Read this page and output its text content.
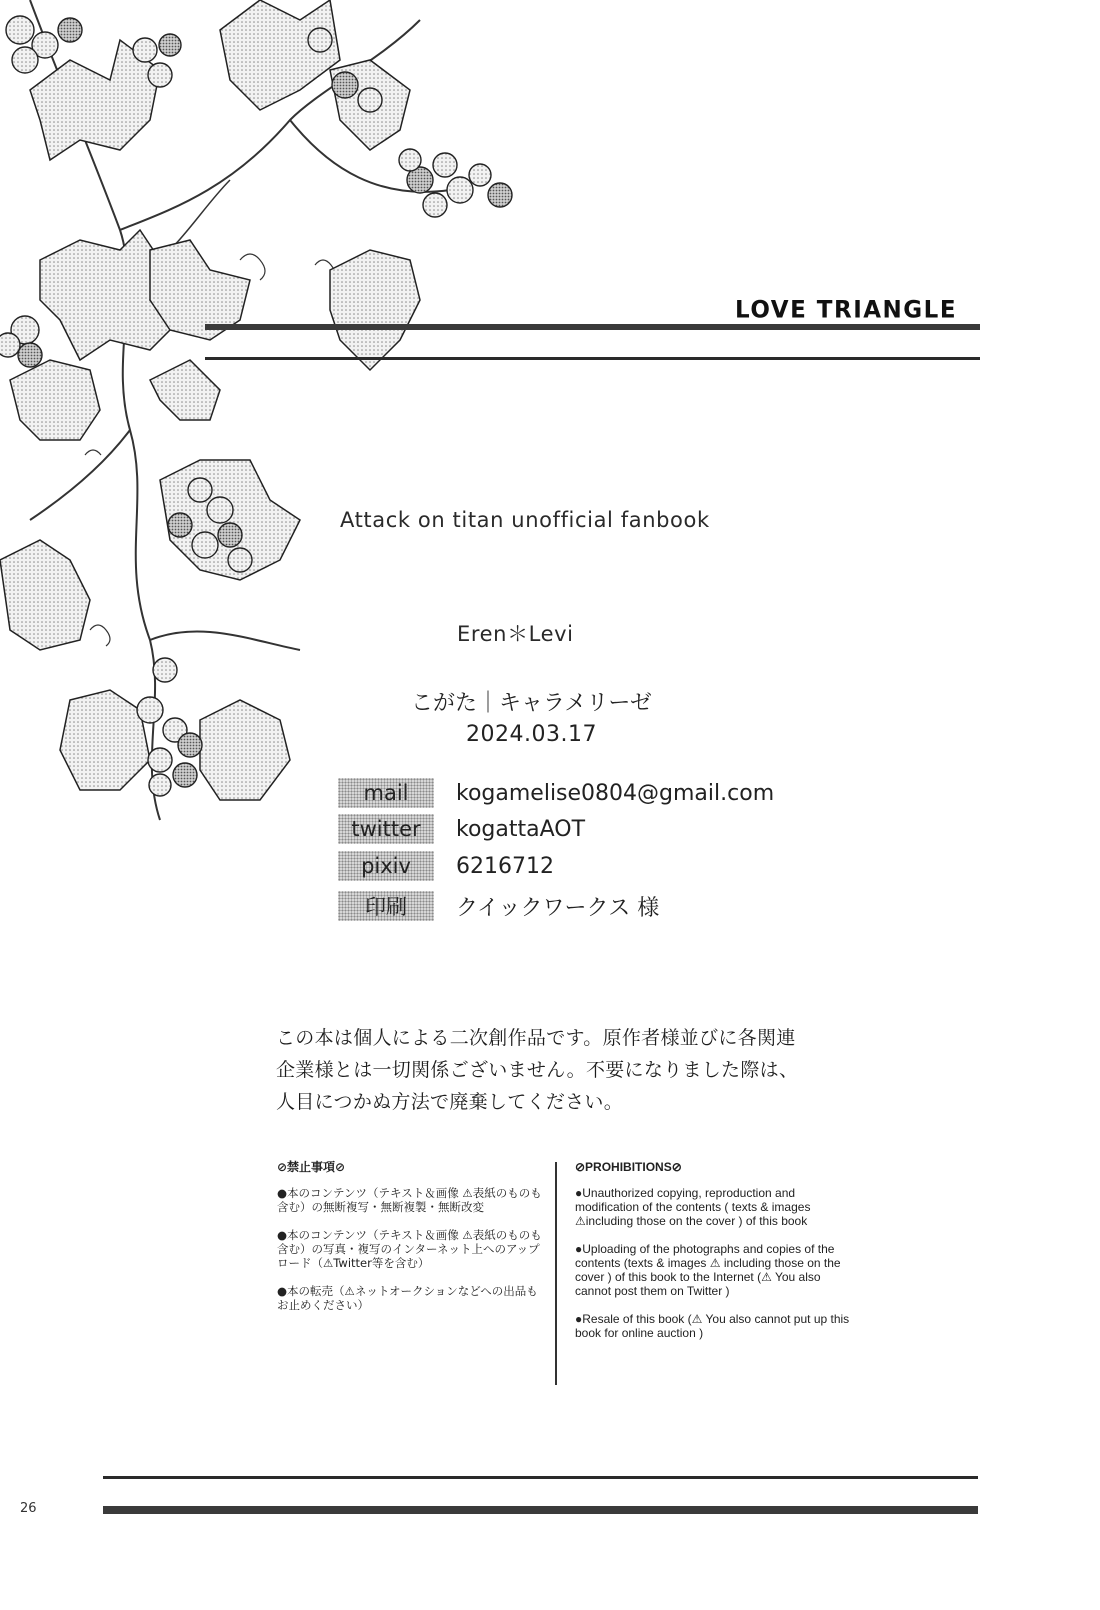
LOVE TRIANGLE
Attack on titan unofficial fanbook
Eren＊Levi
こがた｜キャラメリーゼ
2024.03.17
mail	kogamelise0804@gmail.com
twitter	kogattaAOT
pixiv	6216712
印刷	クイックワークス 様
この本は個人による二次創作品です。原作者様並びに各関連
企業様とは一切関係ございません。不要になりました際は、
人目につかぬ方法で廃棄してください。
⊘禁止事項⊘
●本のコンテンツ（テキスト＆画像 ⚠表紙のものも含む）の無断複写・無断複製・無断改変
●本のコンテンツ（テキスト＆画像 ⚠表紙のものも含む）の写真・複写のインターネット上へのアップロード（⚠Twitter等を含む）
●本の転売（⚠ネットオークションなどへの出品もお止めください）
⊘PROHIBITIONS⊘
●Unauthorized copying, reproduction and modification of the contents ( texts & images ⚠including those on the cover ) of this book
●Uploading of the photographs and copies of the contents (texts & images ⚠ including those on the cover ) of this book to the Internet (⚠ You also cannot post them on Twitter )
●Resale of this book (⚠ You also cannot put up this book for online auction )
26
